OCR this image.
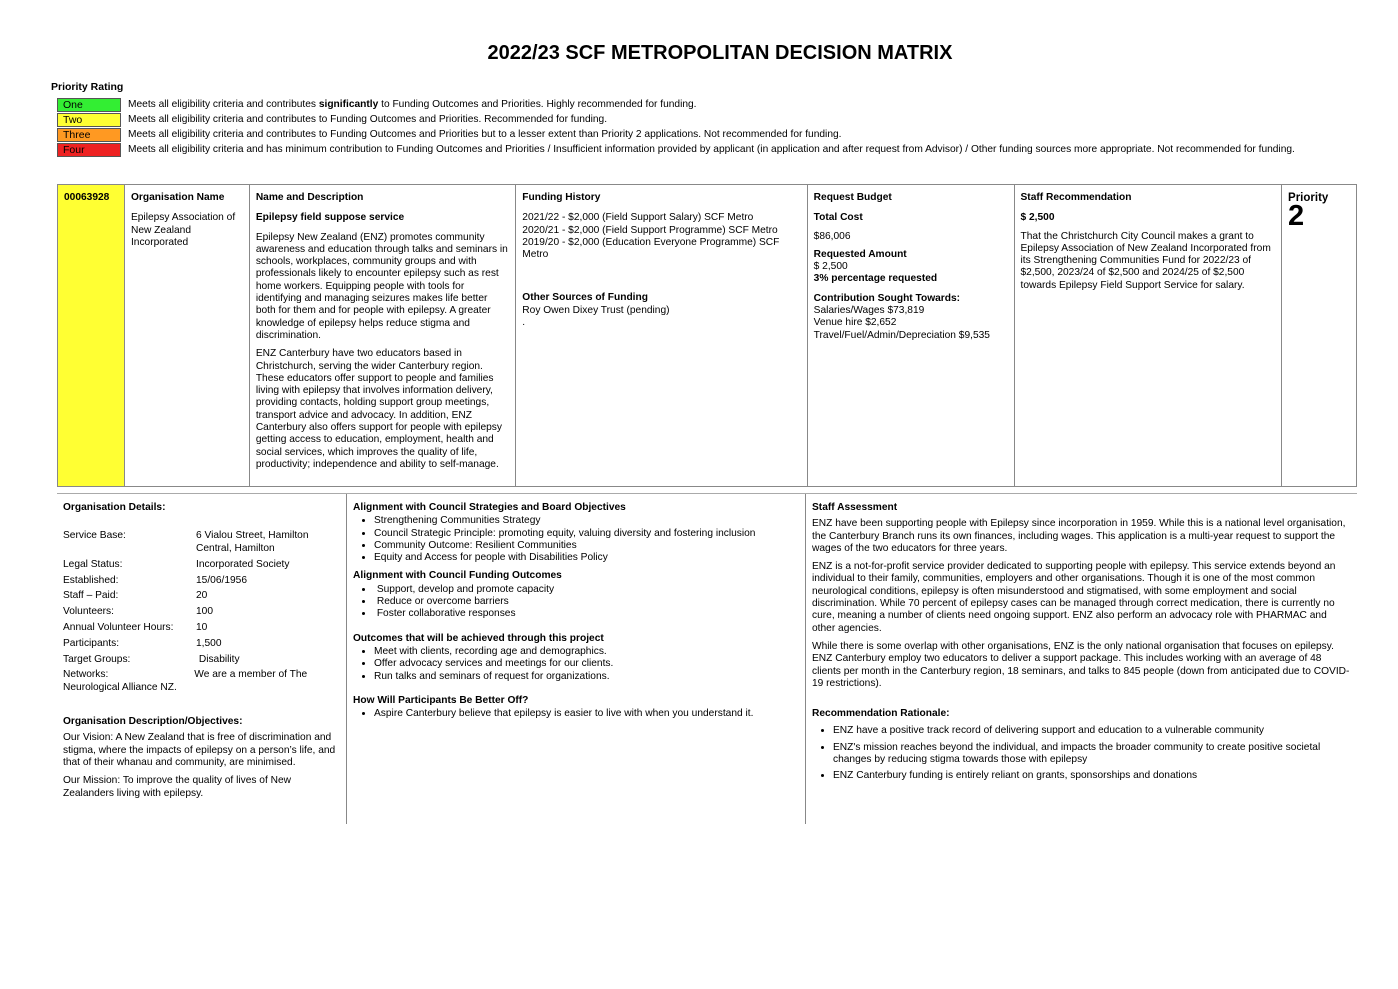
2022/23 SCF METROPOLITAN DECISION MATRIX
Priority Rating
One	Meets all eligibility criteria and contributes significantly to Funding Outcomes and Priorities. Highly recommended for funding.
Two	Meets all eligibility criteria and contributes to Funding Outcomes and Priorities. Recommended for funding.
Three	Meets all eligibility criteria and contributes to Funding Outcomes and Priorities but to a lesser extent than Priority 2 applications. Not recommended for funding.
Four	Meets all eligibility criteria and has minimum contribution to Funding Outcomes and Priorities / Insufficient information provided by applicant (in application and after request from Advisor) / Other funding sources more appropriate. Not recommended for funding.
00063928	Organisation Name
Epilepsy Association of New Zealand Incorporated

Name and Description

Epilepsy field suppose service

Epilepsy New Zealand (ENZ) promotes community awareness and education through talks and seminars in schools, workplaces, community groups and with professionals likely to encounter epilepsy such as rest home workers. Equipping people with tools for identifying and managing seizures makes life better both for them and for people with epilepsy. A greater knowledge of epilepsy helps reduce stigma and discrimination.

ENZ Canterbury have two educators based in Christchurch, serving the wider Canterbury region. These educators offer support to people and families living with epilepsy that involves information delivery, providing contacts, holding support group meetings, transport advice and advocacy. In addition, ENZ Canterbury also offers support for people with epilepsy getting access to education, employment, health and social services, which improves the quality of life, productivity; independence and ability to self-manage.

Funding History
2021/22 - $2,000 (Field Support Salary) SCF Metro
2020/21 - $2,000 (Field Support Programme) SCF Metro
2019/20 - $2,000 (Education Everyone Programme) SCF Metro
Other Sources of Funding
Roy Owen Dixey Trust (pending)
.

Request Budget
Total Cost
$86,006
Requested Amount
$ 2,500
3% percentage requested
Contribution Sought Towards:
Salaries/Wages $73,819
Venue hire $2,652
Travel/Fuel/Admin/Depreciation $9,535

Staff Recommendation
$ 2,500
That the Christchurch City Council makes a grant to Epilepsy Association of New Zealand Incorporated from its Strengthening Communities Fund for 2022/23 of $2,500, 2023/24 of $2,500 and 2024/25 of $2,500 towards Epilepsy Field Support Service for salary.

Priority
2
Organisation Details:
Service Base:	6 Vialou Street, Hamilton Central, Hamilton
Legal Status:	Incorporated Society
Established:	15/06/1956
Staff – Paid:	20
Volunteers:	100
Annual Volunteer Hours:	10
Participants:	1,500
Target Groups:	Disability
Networks:	We are a member of The Neurological Alliance NZ.
Organisation Description/Objectives:

Our Vision: A New Zealand that is free of discrimination and stigma, where the impacts of epilepsy on a person’s life, and that of their whanau and community, are minimised.

Our Mission: To improve the quality of lives of New Zealanders living with epilepsy.

Alignment with Council Strategies and Board Objectives
• Strengthening Communities Strategy
• Council Strategic Principle: promoting equity, valuing diversity and fostering inclusion
• Community Outcome: Resilient Communities
• Equity and Access for people with Disabilities Policy
Alignment with Council Funding Outcomes
•  Support, develop and promote capacity
•  Reduce or overcome barriers
•  Foster collaborative responses
Outcomes that will be achieved through this project
• Meet with clients, recording age and demographics.
• Offer advocacy services and meetings for our clients.
• Run talks and seminars of request for organizations.
How Will Participants Be Better Off?
• Aspire Canterbury believe that epilepsy is easier to live with when you understand it.
Staff Assessment

ENZ have been supporting people with Epilepsy since incorporation in 1959. While this is a national level organisation, the Canterbury Branch runs its own finances, including wages. This application is a multi-year request to support the wages of the two educators for three years.

ENZ is a not-for-profit service provider dedicated to supporting people with epilepsy. This service extends beyond an individual to their family, communities, employers and other organisations. Though it is one of the most common neurological conditions, epilepsy is often misunderstood and stigmatised, with some employment and social discrimination. While 70 percent of epilepsy cases can be managed through correct medication, there is currently no cure, meaning a number of clients need ongoing support. ENZ also perform an advocacy role with PHARMAC and other agencies.

While there is some overlap with other organisations, ENZ is the only national organisation that focuses on epilepsy. ENZ Canterbury employ two educators to deliver a support package. This includes working with an average of 48 clients per month in the Canterbury region, 18 seminars, and talks to 845 people (down from anticipated due to COVID-19 restrictions).

Recommendation Rationale:
• ENZ have a positive track record of delivering support and education to a vulnerable community
• ENZ's mission reaches beyond the individual, and impacts the broader community to create positive societal changes by reducing stigma towards those with epilepsy
• ENZ Canterbury funding is entirely reliant on grants, sponsorships and donations
